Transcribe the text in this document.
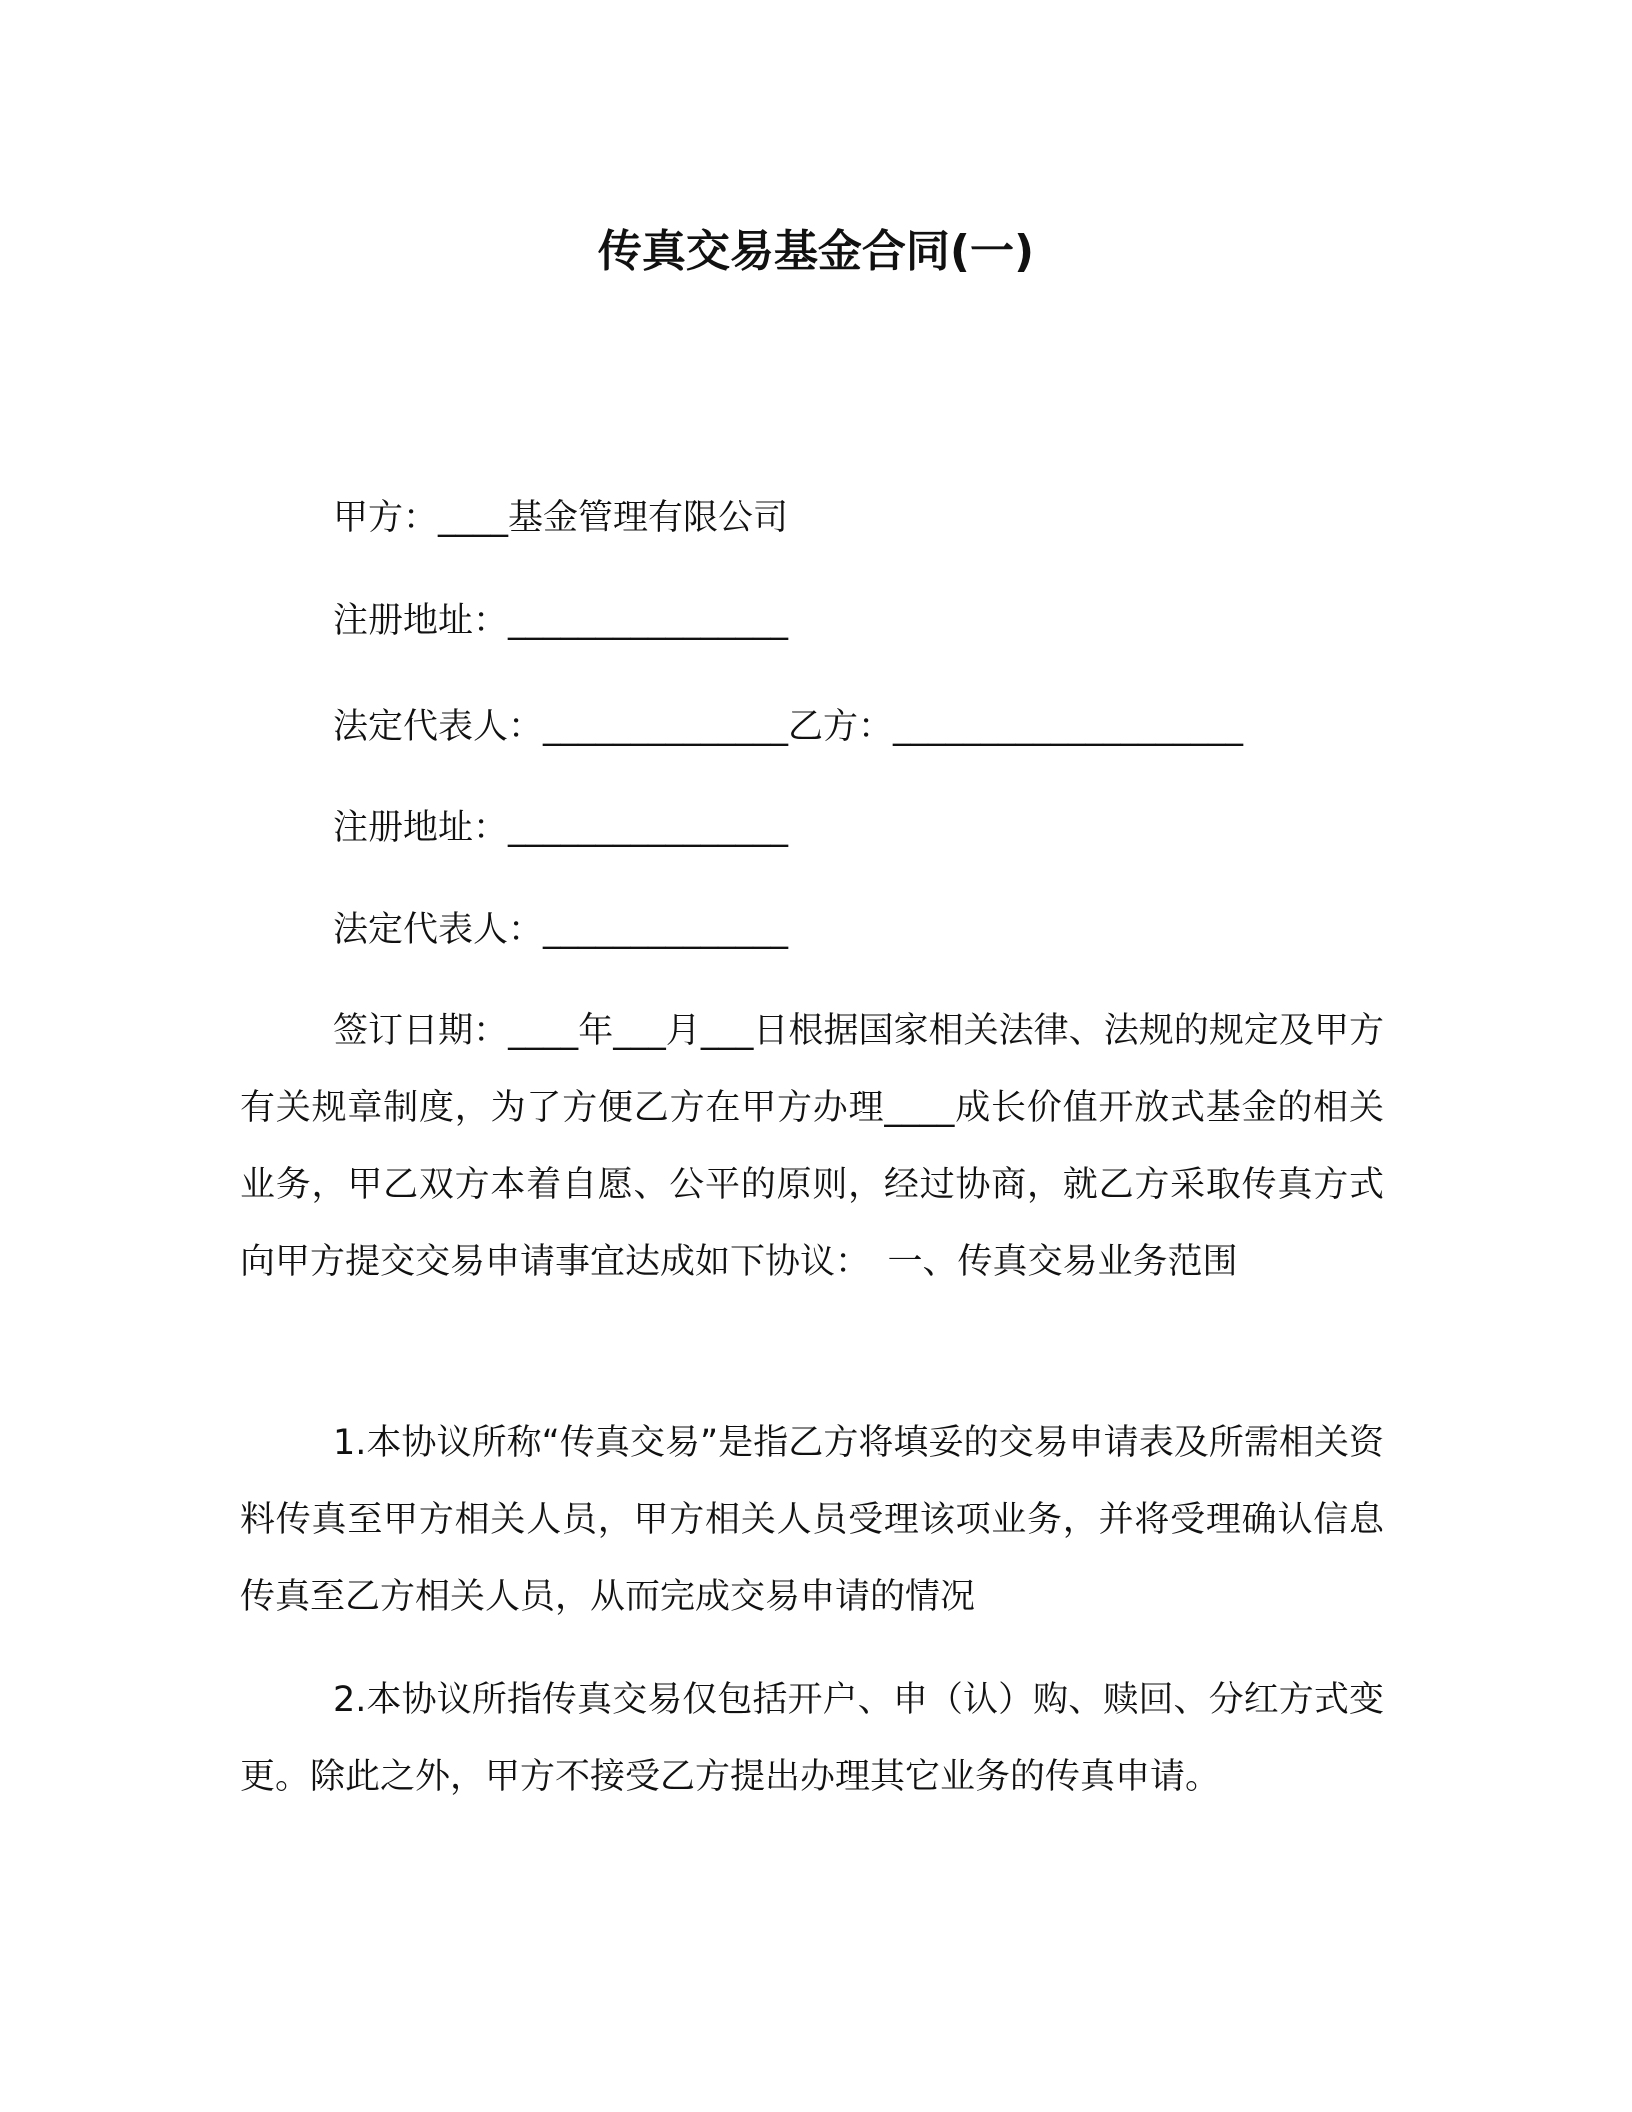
传真交易基金合同(一)

甲方：____基金管理有限公司

注册地址：________________

法定代表人：______________乙方：____________________

注册地址：________________

法定代表人：______________

签订日期：____年___月___日根据国家相关法律、法规的规定及甲方有关规章制度，为了方便乙方在甲方办理____成长价值开放式基金的相关业务，甲乙双方本着自愿、公平的原则，经过协商，就乙方采取传真方式向甲方提交交易申请事宜达成如下协议：　一、传真交易业务范围

1.本协议所称“传真交易”是指乙方将填妥的交易申请表及所需相关资料传真至甲方相关人员，甲方相关人员受理该项业务，并将受理确认信息传真至乙方相关人员，从而完成交易申请的情况

2.本协议所指传真交易仅包括开户、申（认）购、赎回、分红方式变更。除此之外，甲方不接受乙方提出办理其它业务的传真申请。
